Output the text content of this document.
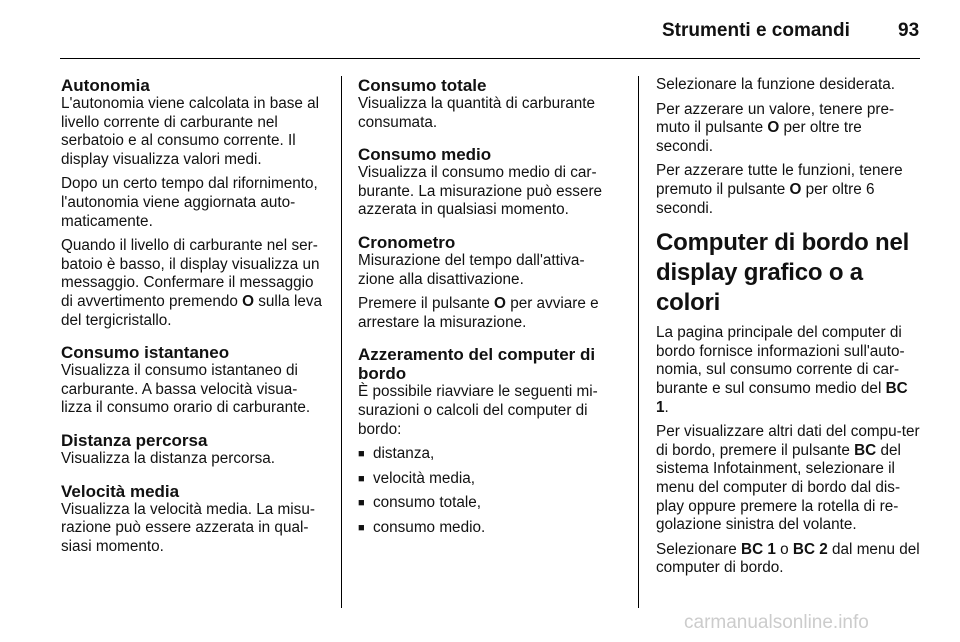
Strumenti e comandi	93
Autonomia

L'autonomia viene calcolata in base al livello corrente di carburante nel serbatoio e al consumo corrente. Il display visualizza valori medi.

Dopo un certo tempo dal rifornimento, l'autonomia viene aggiornata auto-maticamente.

Quando il livello di carburante nel ser-batoio è basso, il display visualizza un messaggio. Confermare il messaggio di avvertimento premendo O sulla leva del tergicristallo.

Consumo istantaneo

Visualizza il consumo istantaneo di carburante. A bassa velocità visua-lizza il consumo orario di carburante.

Distanza percorsa

Visualizza la distanza percorsa.

Velocità media

Visualizza la velocità media. La misu-razione può essere azzerata in qual-siasi momento.

Consumo totale

Visualizza la quantità di carburante consumata.

Consumo medio

Visualizza il consumo medio di car-burante. La misurazione può essere azzerata in qualsiasi momento.

Cronometro

Misurazione del tempo dall'attiva-zione alla disattivazione.

Premere il pulsante O per avviare e arrestare la misurazione.

Azzeramento del computer di bordo

È possibile riavviare le seguenti mi-surazioni o calcoli del computer di bordo:

■ distanza,
■ velocità media,
■ consumo totale,
■ consumo medio.

Selezionare la funzione desiderata.

Per azzerare un valore, tenere pre-muto il pulsante O per oltre tre secondi.

Per azzerare tutte le funzioni, tenere premuto il pulsante O per oltre 6 secondi.

Computer di bordo nel display grafico o a colori

La pagina principale del computer di bordo fornisce informazioni sull'auto-nomia, sul consumo corrente di car-burante e sul consumo medio del BC 1.

Per visualizzare altri dati del compu-ter di bordo, premere il pulsante BC del sistema Infotainment, selezionare il menu del computer di bordo dal dis-play oppure premere la rotella di re-golazione sinistra del volante.

Selezionare BC 1 o BC 2 dal menu del computer di bordo.

carmanualsonline.info
